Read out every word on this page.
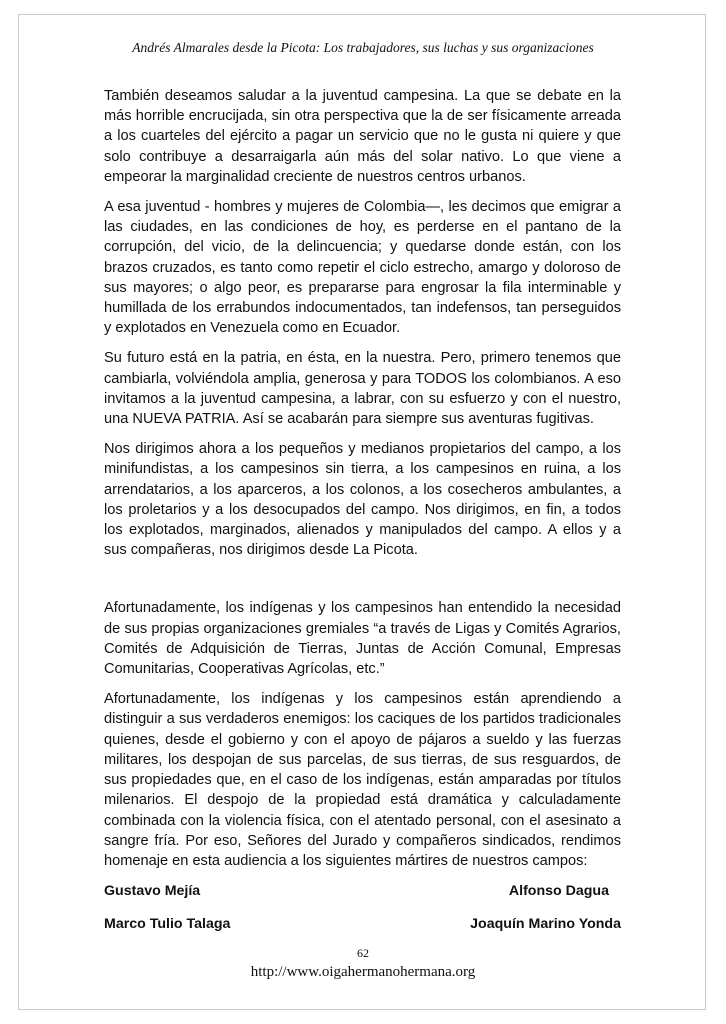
Andrés Almarales desde la Picota: Los trabajadores, sus luchas y sus organizaciones

También deseamos saludar a la juventud campesina. La que se debate en la más horrible encrucijada, sin otra perspectiva que la de ser físicamente arreada a los cuarteles del ejército a pagar un servicio que no le gusta ni quiere y que solo contribuye a desarraigarla aún más del solar nativo. Lo que viene a empeorar la marginalidad creciente de nuestros centros urbanos.

A esa juventud - hombres y mujeres de Colombia—, les decimos que emigrar a las ciudades, en las condiciones de hoy, es perderse en el pantano de la corrupción, del vicio, de la delincuencia; y quedarse donde están, con los brazos cruzados, es tanto como repetir el ciclo estrecho, amargo y doloroso de sus mayores; o algo peor, es prepararse para engrosar la fila interminable y humillada de los errabundos indocumentados, tan indefensos, tan perseguidos y explotados en Venezuela como en Ecuador.

Su futuro está en la patria, en ésta, en la nuestra. Pero, primero tenemos que cambiarla, volviéndola amplia, generosa y para TODOS los colombianos. A eso invitamos a la juventud campesina, a labrar, con su esfuerzo y con el nuestro, una NUEVA PATRIA. Así se acabarán para siempre sus aventuras fugitivas.

Nos dirigimos ahora a los pequeños y medianos propietarios del campo, a los minifundistas, a los campesinos sin tierra, a los campesinos en ruina, a los arrendatarios, a los aparceros, a los colonos, a los cosecheros ambulantes, a los proletarios y a los desocupados del campo. Nos dirigimos, en fin, a todos los explotados, marginados, alienados y manipulados del campo. A ellos y a sus compañeras, nos dirigimos desde La Picota.

Afortunadamente, los indígenas y los campesinos han entendido la necesidad de sus propias organizaciones gremiales “a través de Ligas y Comités Agrarios, Comités de Adquisición de Tierras, Juntas de Acción Comunal, Empresas Comunitarias, Cooperativas Agrícolas, etc.”

Afortunadamente, los indígenas y los campesinos están aprendiendo a distinguir a sus verdaderos enemigos: los caciques de los partidos tradicionales quienes, desde el gobierno y con el apoyo de pájaros a sueldo y las fuerzas militares, los despojan de sus parcelas, de sus tierras, de sus resguardos, de sus propiedades que, en el caso de los indígenas, están amparadas por títulos milenarios. El despojo de la propiedad está dramática y calculadamente combinada con la violencia física, con el atentado personal, con el asesinato a sangre fría. Por eso, Señores del Jurado y compañeros sindicados, rendimos homenaje en esta audiencia a los siguientes mártires de nuestros campos:

Gustavo Mejía	Alfonso Dagua
Marco Tulio Talaga	Joaquín Marino Yonda
62
http://www.oigahermanohermana.org
